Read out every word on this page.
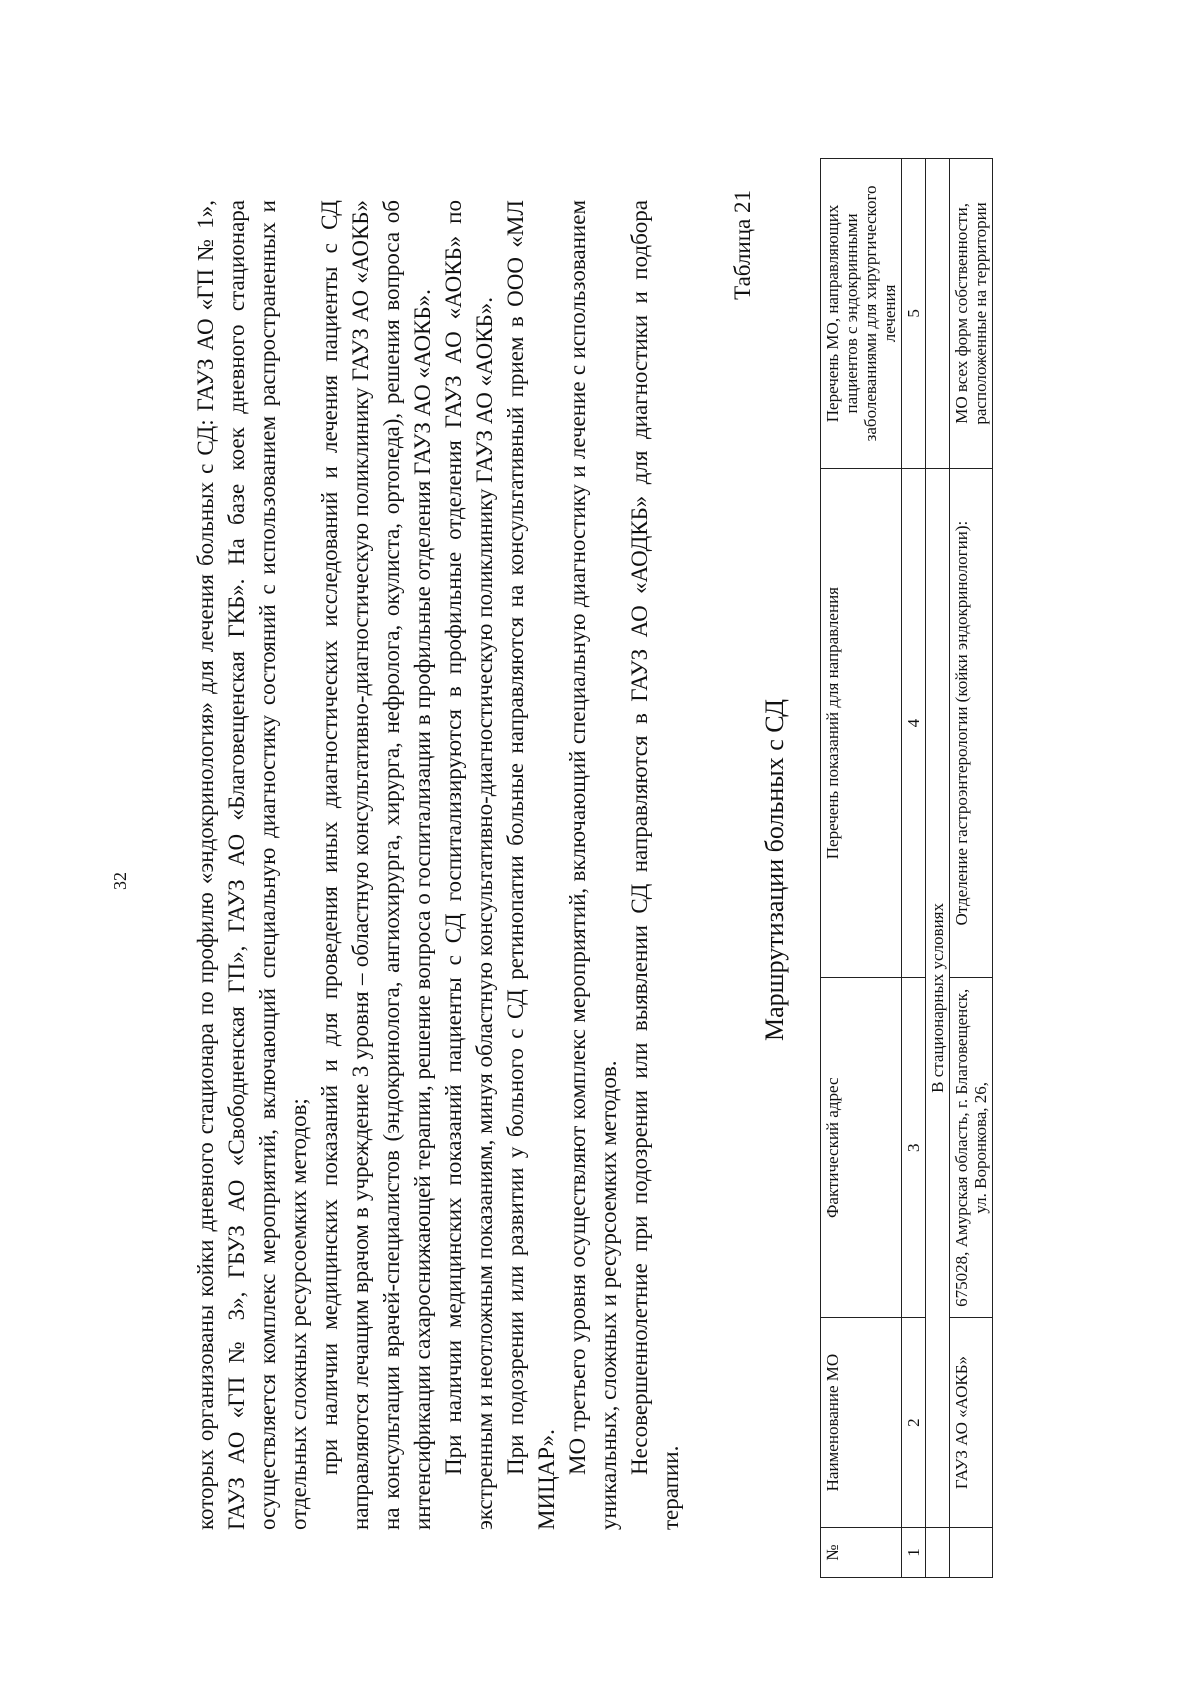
32	которых организованы койки дневного стационара по профилю «эндокринология» для лечения больных с СД: ГАУЗ АО «ГП № 1», ГАУЗ АО «ГП № 3», ГБУЗ АО «Свободненская ГП», ГАУЗ АО «Благовещенская ГКБ». На базе коек дневного стационара осуществляется комплекс мероприятий, включающий специальную диагностику состояний с использованием распространенных и отдельных сложных ресурсоемких методов; при наличии медицинских показаний и для проведения иных диагностических исследований и лечения пациенты с СД направляются лечащим врачом в учреждение 3 уровня – областную консультативно-диагностическую поликлинику ГАУЗ АО «АОКБ» на консультации врачей-специалистов (эндокринолога, ангиохирурга, хирурга, нефролога, окулиста, ортопеда), решения вопроса об интенсификации сахароснижающей терапии, решение вопроса о госпитализации в профильные отделения ГАУЗ АО «АОКБ». При наличии медицинских показаний пациенты с СД госпитализируются в профильные отделения ГАУЗ АО «АОКБ» по экстренным и неотложным показаниям, минуя областную консультативно-диагностическую поликлинику ГАУЗ АО «АОКБ». При подозрении или развитии у больного с СД ретинопатии больные направляются на консультативный прием в ООО «МЛ МИЦАР».

МО третьего уровня осуществляют комплекс мероприятий, включающий специальную диагностику и лечение с использованием уникальных, сложных и ресурсоемких методов. Несовершеннолетние при подозрении или выявлении СД направляются в ГАУЗ АО «АОДКБ» для диагностики и подбора терапии.

Таблица 21
Маршрутизации больных с СД
№	Наименование МО	Фактический адрес	Перечень показаний для направления	Перечень МО, направляющих пациентов с эндокринными заболеваниями для хирургического лечения
1	2	3	4	5
	В стационарных условиях			
	ГАУЗ АО «АОКБ»	675028, Амурская область, г. Благовещенск, ул. Воронкова, 26,	Отделение гастроэнтерологии (койки эндокринологии):	МО всех форм собственности, расположенные на территории
